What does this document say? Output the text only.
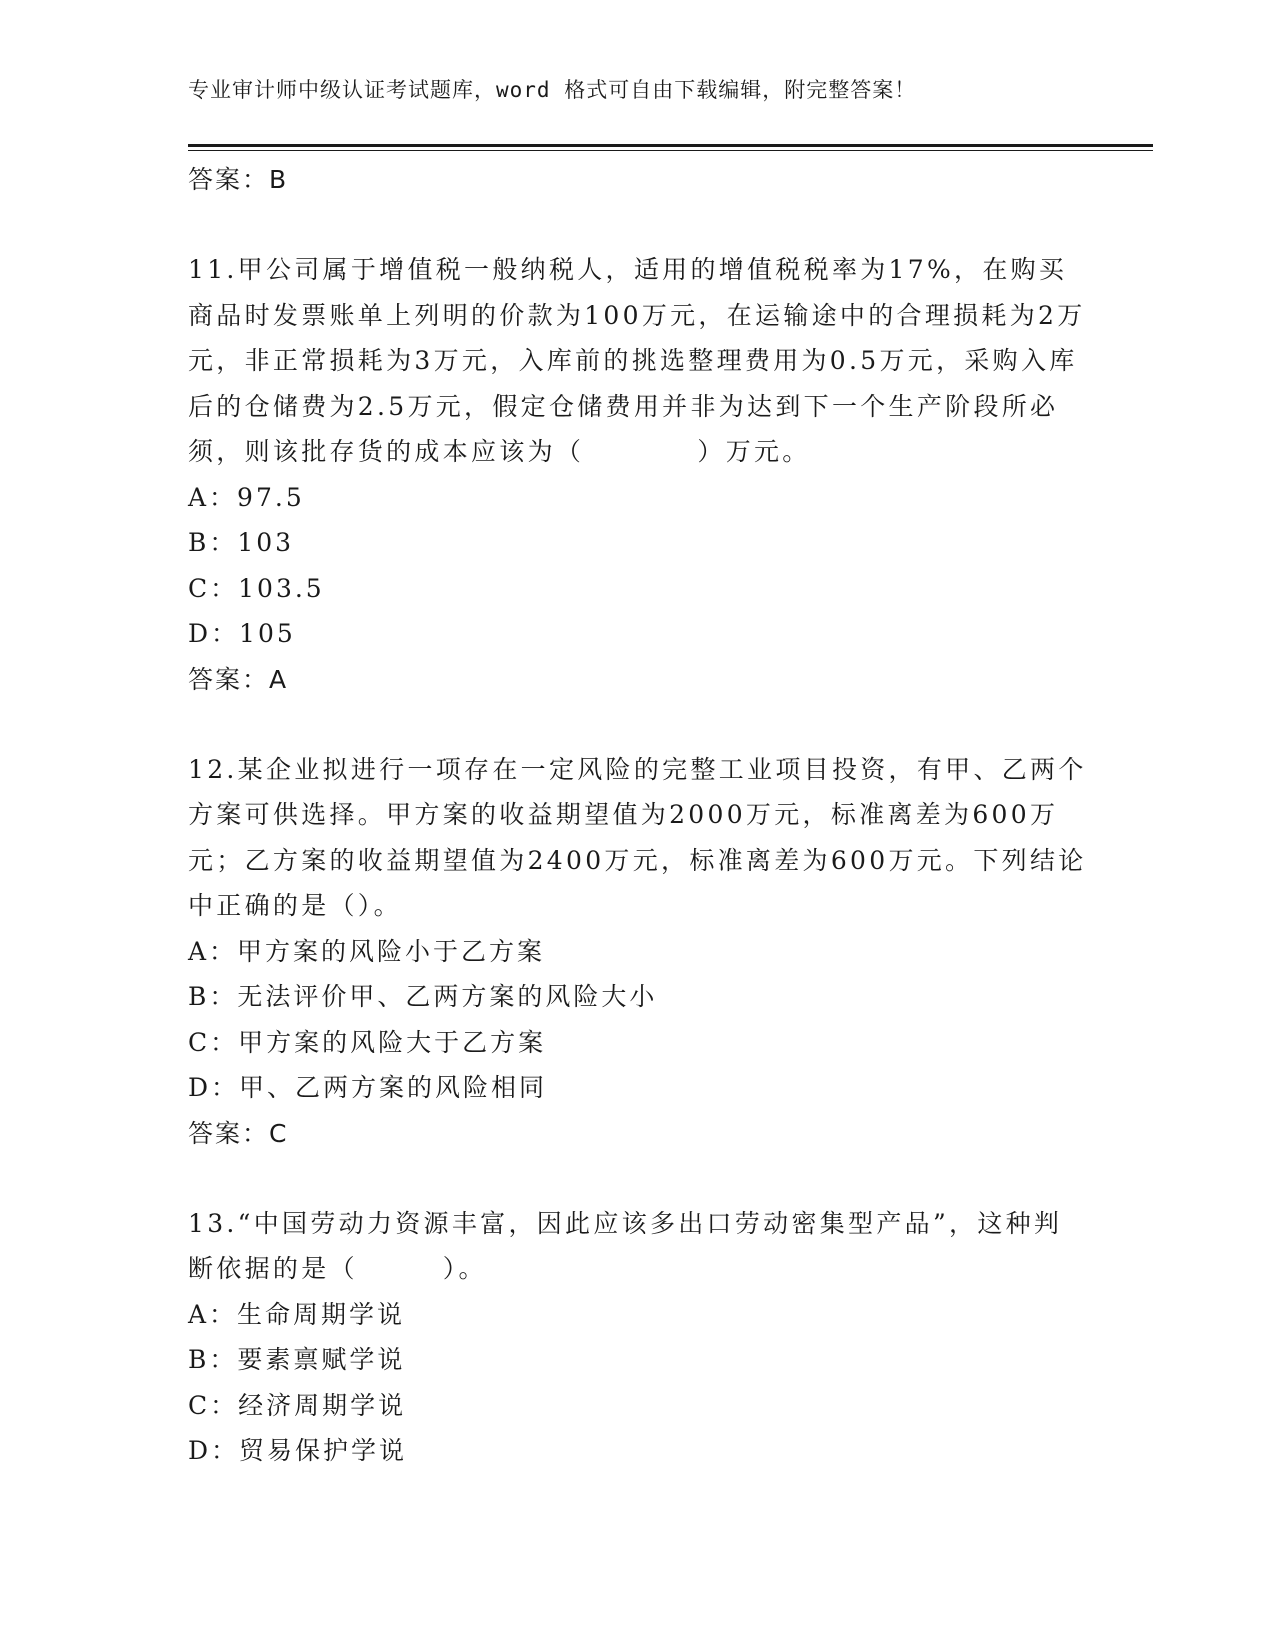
专业审计师中级认证考试题库，word 格式可自由下载编辑，附完整答案！
答案：B
11.甲公司属于增值税一般纳税人，适用的增值税税率为17%，在购买商品时发票账单上列明的价款为100万元，在运输途中的合理损耗为2万元，非正常损耗为3万元，入库前的挑选整理费用为0.5万元，采购入库后的仓储费为2.5万元，假定仓储费用并非为达到下一个生产阶段所必须，则该批存货的成本应该为（　　　　）万元。
A：97.5
B：103
C：103.5
D：105
答案：A
12.某企业拟进行一项存在一定风险的完整工业项目投资，有甲、乙两个方案可供选择。甲方案的收益期望值为2000万元，标准离差为600万元；乙方案的收益期望值为2400万元，标准离差为600万元。下列结论中正确的是（）。
A：甲方案的风险小于乙方案
B：无法评价甲、乙两方案的风险大小
C：甲方案的风险大于乙方案
D：甲、乙两方案的风险相同
答案：C
13.“中国劳动力资源丰富，因此应该多出口劳动密集型产品”，这种判断依据的是（　　　）。
A：生命周期学说
B：要素禀赋学说
C：经济周期学说
D：贸易保护学说
